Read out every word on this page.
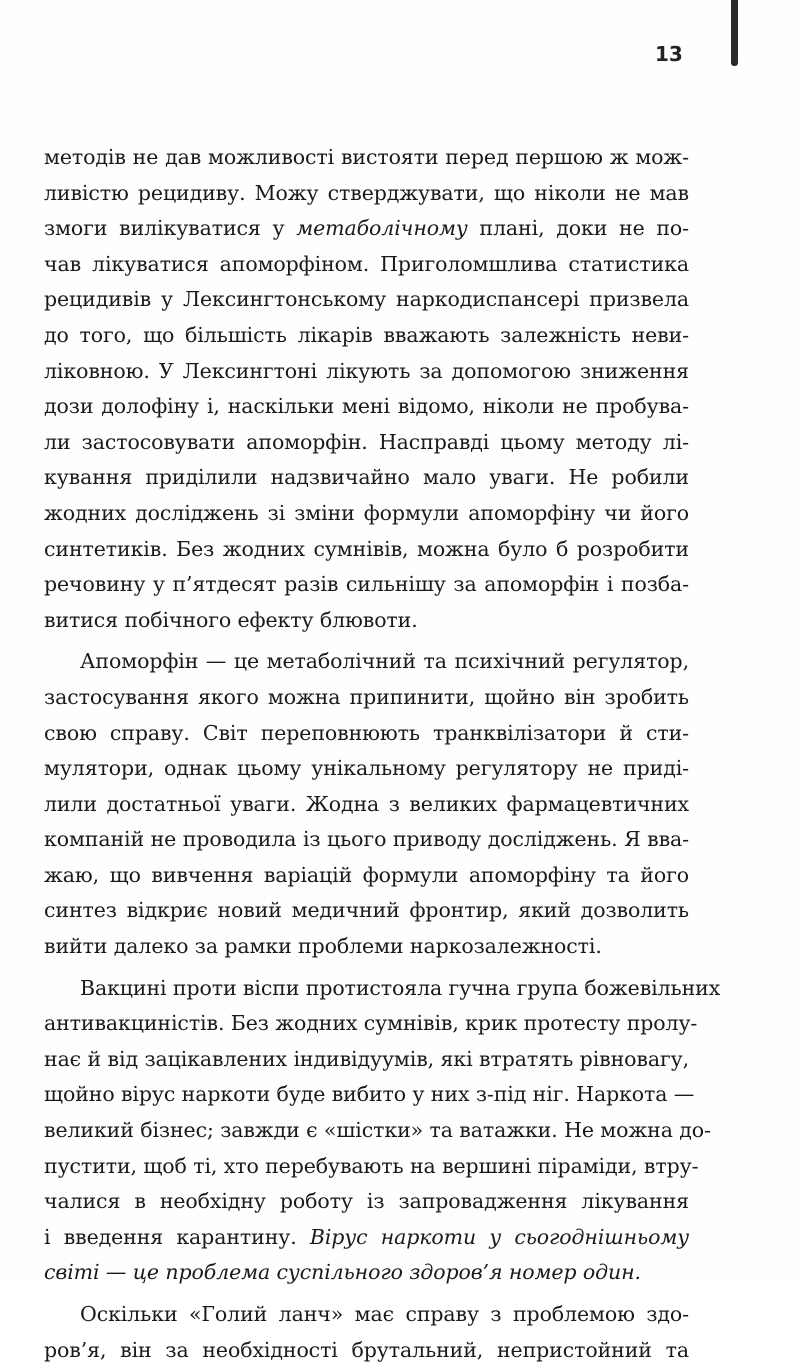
13
методів не дав можливості вистояти перед першою ж мож-
ливістю рецидиву. Можу стверджувати, що ніколи не мав
змоги вилікуватися у метаболічному плані, доки не по-
чав лікуватися апоморфіном. Приголомшлива статистика
рецидивів у Лексингтонському наркодиспансері призвела
до того, що більшість лікарів вважають залежність неви-
ліковною. У Лексингтоні лікують за допомогою зниження
дози долофіну і, наскільки мені відомо, ніколи не пробува-
ли застосовувати апоморфін. Насправді цьому методу лі-
кування приділили надзвичайно мало уваги. Не робили
жодних досліджень зі зміни формули апоморфіну чи його
синтетиків. Без жодних сумнівів, можна було б розробити
речовину у п’ятдесят разів сильнішу за апоморфін і позба-
витися побічного ефекту блювоти.
Апоморфін — це метаболічний та психічний регулятор,
застосування якого можна припинити, щойно він зробить
свою справу. Світ переповнюють транквілізатори й сти-
мулятори, однак цьому унікальному регулятору не приді-
лили достатньої уваги. Жодна з великих фармацевтичних
компаній не проводила із цього приводу досліджень. Я вва-
жаю, що вивчення варіацій формули апоморфіну та його
синтез відкриє новий медичний фронтир, який дозволить
вийти далеко за рамки проблеми наркозалежності.
Вакцині проти віспи протистояла гучна група божевільних
антивакциністів. Без жодних сумнівів, крик протесту пролу-
нає й від зацікавлених індивідуумів, які втратять рівновагу,
щойно вірус наркоти буде вибито у них з-під ніг. Наркота —
великий бізнес; завжди є «шістки» та ватажки. Не можна до-
пустити, щоб ті, хто перебувають на вершині піраміди, втру-
чалися в необхідну роботу із запровадження лікування
і введення карантину. Вірус наркоти у сьогоднішньому
світі — це проблема суспільного здоров’я номер один.
Оскільки «Голий ланч» має справу з проблемою здо-
ров’я, він за необхідності брутальний, непристойний та
